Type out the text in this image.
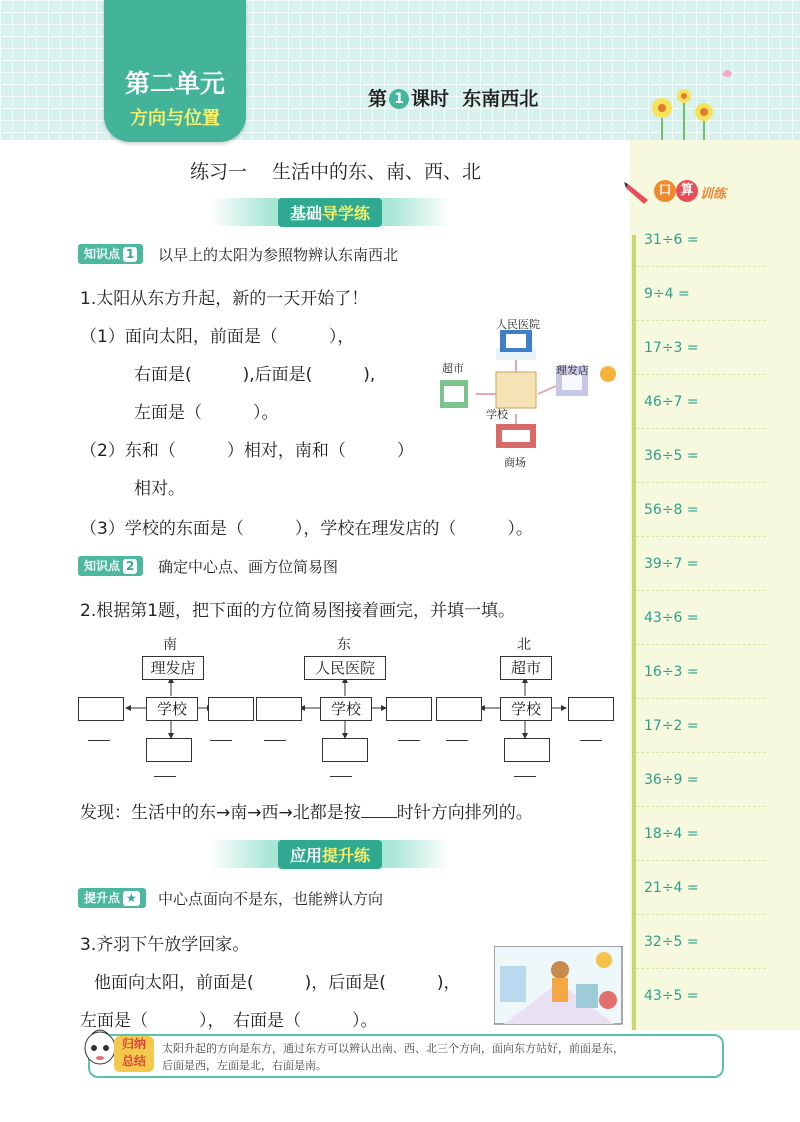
第二单元
方向与位置
第 1 课时 东南西北
口 算 训练
31÷6 =
9÷4 =
17÷3 =
46÷7 =
36÷5 =
56÷8 =
39÷7 =
43÷6 =
16÷3 =
17÷2 =
36÷9 =
18÷4 =
21÷4 =
32÷5 =
43÷5 =
练习一　 生活中的东、南、西、北
基础导学练
知识点 1	以早上的太阳为参照物辨认东南西北
1.太阳从东方升起，新的一天开始了！
（1）面向太阳，前面是（　　　），
右面是(　　　),后面是(　　　),
左面是（　　　）。
（2）东和（　　　）相对，南和（　　　）
相对。
（3）学校的东面是（　　　），学校在理发店的（　　　）。
人民医院
超市	理发店
学校
商场
知识点 2	确定中心点、画方位简易图
2.根据第1题，把下面的方位简易图接着画完，并填一填。
南
理发店
学校
东
人民医院
学校
北
超市
学校
发现：生活中的东→南→西→北都是按 时针方向排列的。
应用提升练
提升点 ★	中心点面向不是东，也能辨认方向
3.齐羽下午放学回家。
他面向太阳，前面是(　　　)，后面是(　　　)，
左面是（　　　），　右面是（　　　）。
归纳
总结
太阳升起的方向是东方，通过东方可以辨认出南、西、北三个方向，面向东方站好，前面是东，
后面是西，左面是北，右面是南。
